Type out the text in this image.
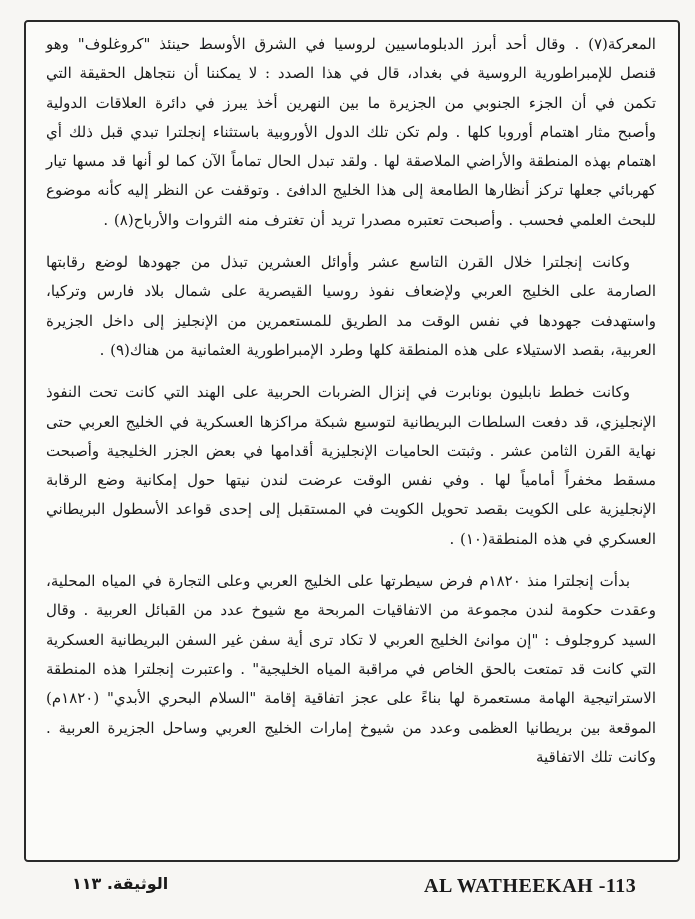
المعركة(٧) . وقال أحد أبرز الدبلوماسيين لروسيا في الشرق الأوسط حينئذ "كروغلوف" وهو قنصل للإمبراطورية الروسية في بغداد، قال في هذا الصدد : لا يمكننا أن نتجاهل الحقيقة التي تكمن في أن الجزء الجنوبي من الجزيرة ما بين النهرين أخذ يبرز في دائرة العلاقات الدولية وأصبح مثار اهتمام أوروبا كلها . ولم تكن تلك الدول الأوروبية باستثناء إنجلترا تبدي قبل ذلك أي اهتمام بهذه المنطقة والأراضي الملاصقة لها . ولقد تبدل الحال تماماً الآن كما لو أنها قد مسها تيار كهربائي جعلها تركز أنظارها الطامعة إلى هذا الخليج الدافئ . وتوقفت عن النظر إليه كأنه موضوع للبحث العلمي فحسب . وأصبحت تعتبره مصدرا تريد أن تغترف منه الثروات والأرباح(٨) .

وكانت إنجلترا خلال القرن التاسع عشر وأوائل العشرين تبذل من جهودها لوضع رقابتها الصارمة على الخليج العربي ولإضعاف نفوذ روسيا القيصرية على شمال بلاد فارس وتركيا، واستهدفت جهودها في نفس الوقت مد الطريق للمستعمرين من الإنجليز إلى داخل الجزيرة العربية، بقصد الاستيلاء على هذه المنطقة كلها وطرد الإمبراطورية العثمانية من هناك(٩) .

وكانت خطط نابليون بونابرت في إنزال الضربات الحربية على الهند التي كانت تحت النفوذ الإنجليزي، قد دفعت السلطات البريطانية لتوسيع شبكة مراكزها العسكرية في الخليج العربي حتى نهاية القرن الثامن عشر . وثبتت الحاميات الإنجليزية أقدامها في بعض الجزر الخليجية وأصبحت مسقط مخفراً أمامياً لها . وفي نفس الوقت عرضت لندن نيتها حول إمكانية وضع الرقابة الإنجليزية على الكويت بقصد تحويل الكويت في المستقبل إلى إحدى قواعد الأسطول البريطاني العسكري في هذه المنطقة(١٠) .

بدأت إنجلترا منذ ١٨٢٠م فرض سيطرتها على الخليج العربي وعلى التجارة في المياه المحلية، وعقدت حكومة لندن مجموعة من الاتفاقيات المربحة مع شيوخ عدد من القبائل العربية . وقال السيد كروجلوف : "إن موانئ الخليج العربي لا تكاد ترى أية سفن غير السفن البريطانية العسكرية التي كانت قد تمتعت بالحق الخاص في مراقبة المياه الخليجية" . واعتبرت إنجلترا هذه المنطقة الاستراتيجية الهامة مستعمرة لها بناءً على عجز اتفاقية إقامة "السلام البحري الأبدي" (١٨٢٠م) الموقعة بين بريطانيا العظمى وعدد من شيوخ إمارات الخليج العربي وساحل الجزيرة العربية . وكانت تلك الاتفاقية

AL WATHEEKAH -113
الوثيقة. ١١٣
